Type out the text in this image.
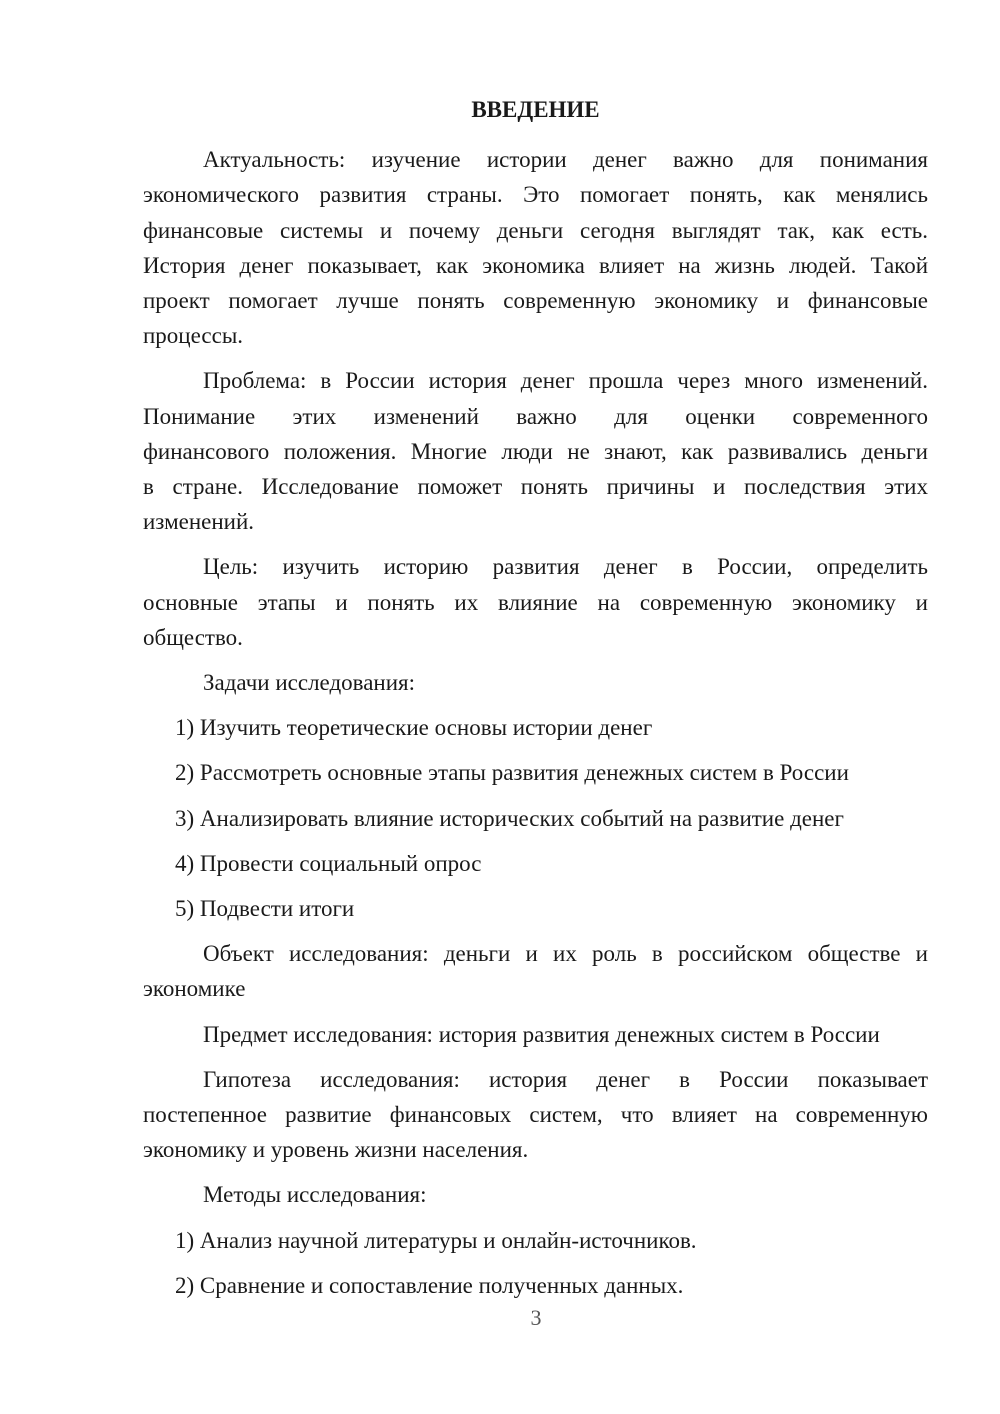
ВВЕДЕНИЕ
Актуальность: изучение истории денег важно для понимания
экономического развития страны. Это помогает понять, как менялись
финансовые системы и почему деньги сегодня выглядят так, как есть.
История денег показывает, как экономика влияет на жизнь людей. Такой
проект помогает лучше понять современную экономику и финансовые
процессы.
Проблема: в России история денег прошла через много изменений.
Понимание этих изменений важно для оценки современного
финансового положения. Многие люди не знают, как развивались деньги
в стране. Исследование поможет понять причины и последствия этих
изменений.
Цель: изучить историю развития денег в России, определить
основные этапы и понять их влияние на современную экономику и
общество.
Задачи исследования:
1) Изучить теоретические основы истории денег
2) Рассмотреть основные этапы развития денежных систем в России
3) Анализировать влияние исторических событий на развитие денег
4) Провести социальный опрос
5) Подвести итоги
Объект исследования: деньги и их роль в российском обществе и
экономике
Предмет исследования: история развития денежных систем в России
Гипотеза исследования: история денег в России показывает
постепенное развитие финансовых систем, что влияет на современную
экономику и уровень жизни населения.
Методы исследования:
1) Анализ научной литературы и онлайн-источников.
2) Сравнение и сопоставление полученных данных.
3
